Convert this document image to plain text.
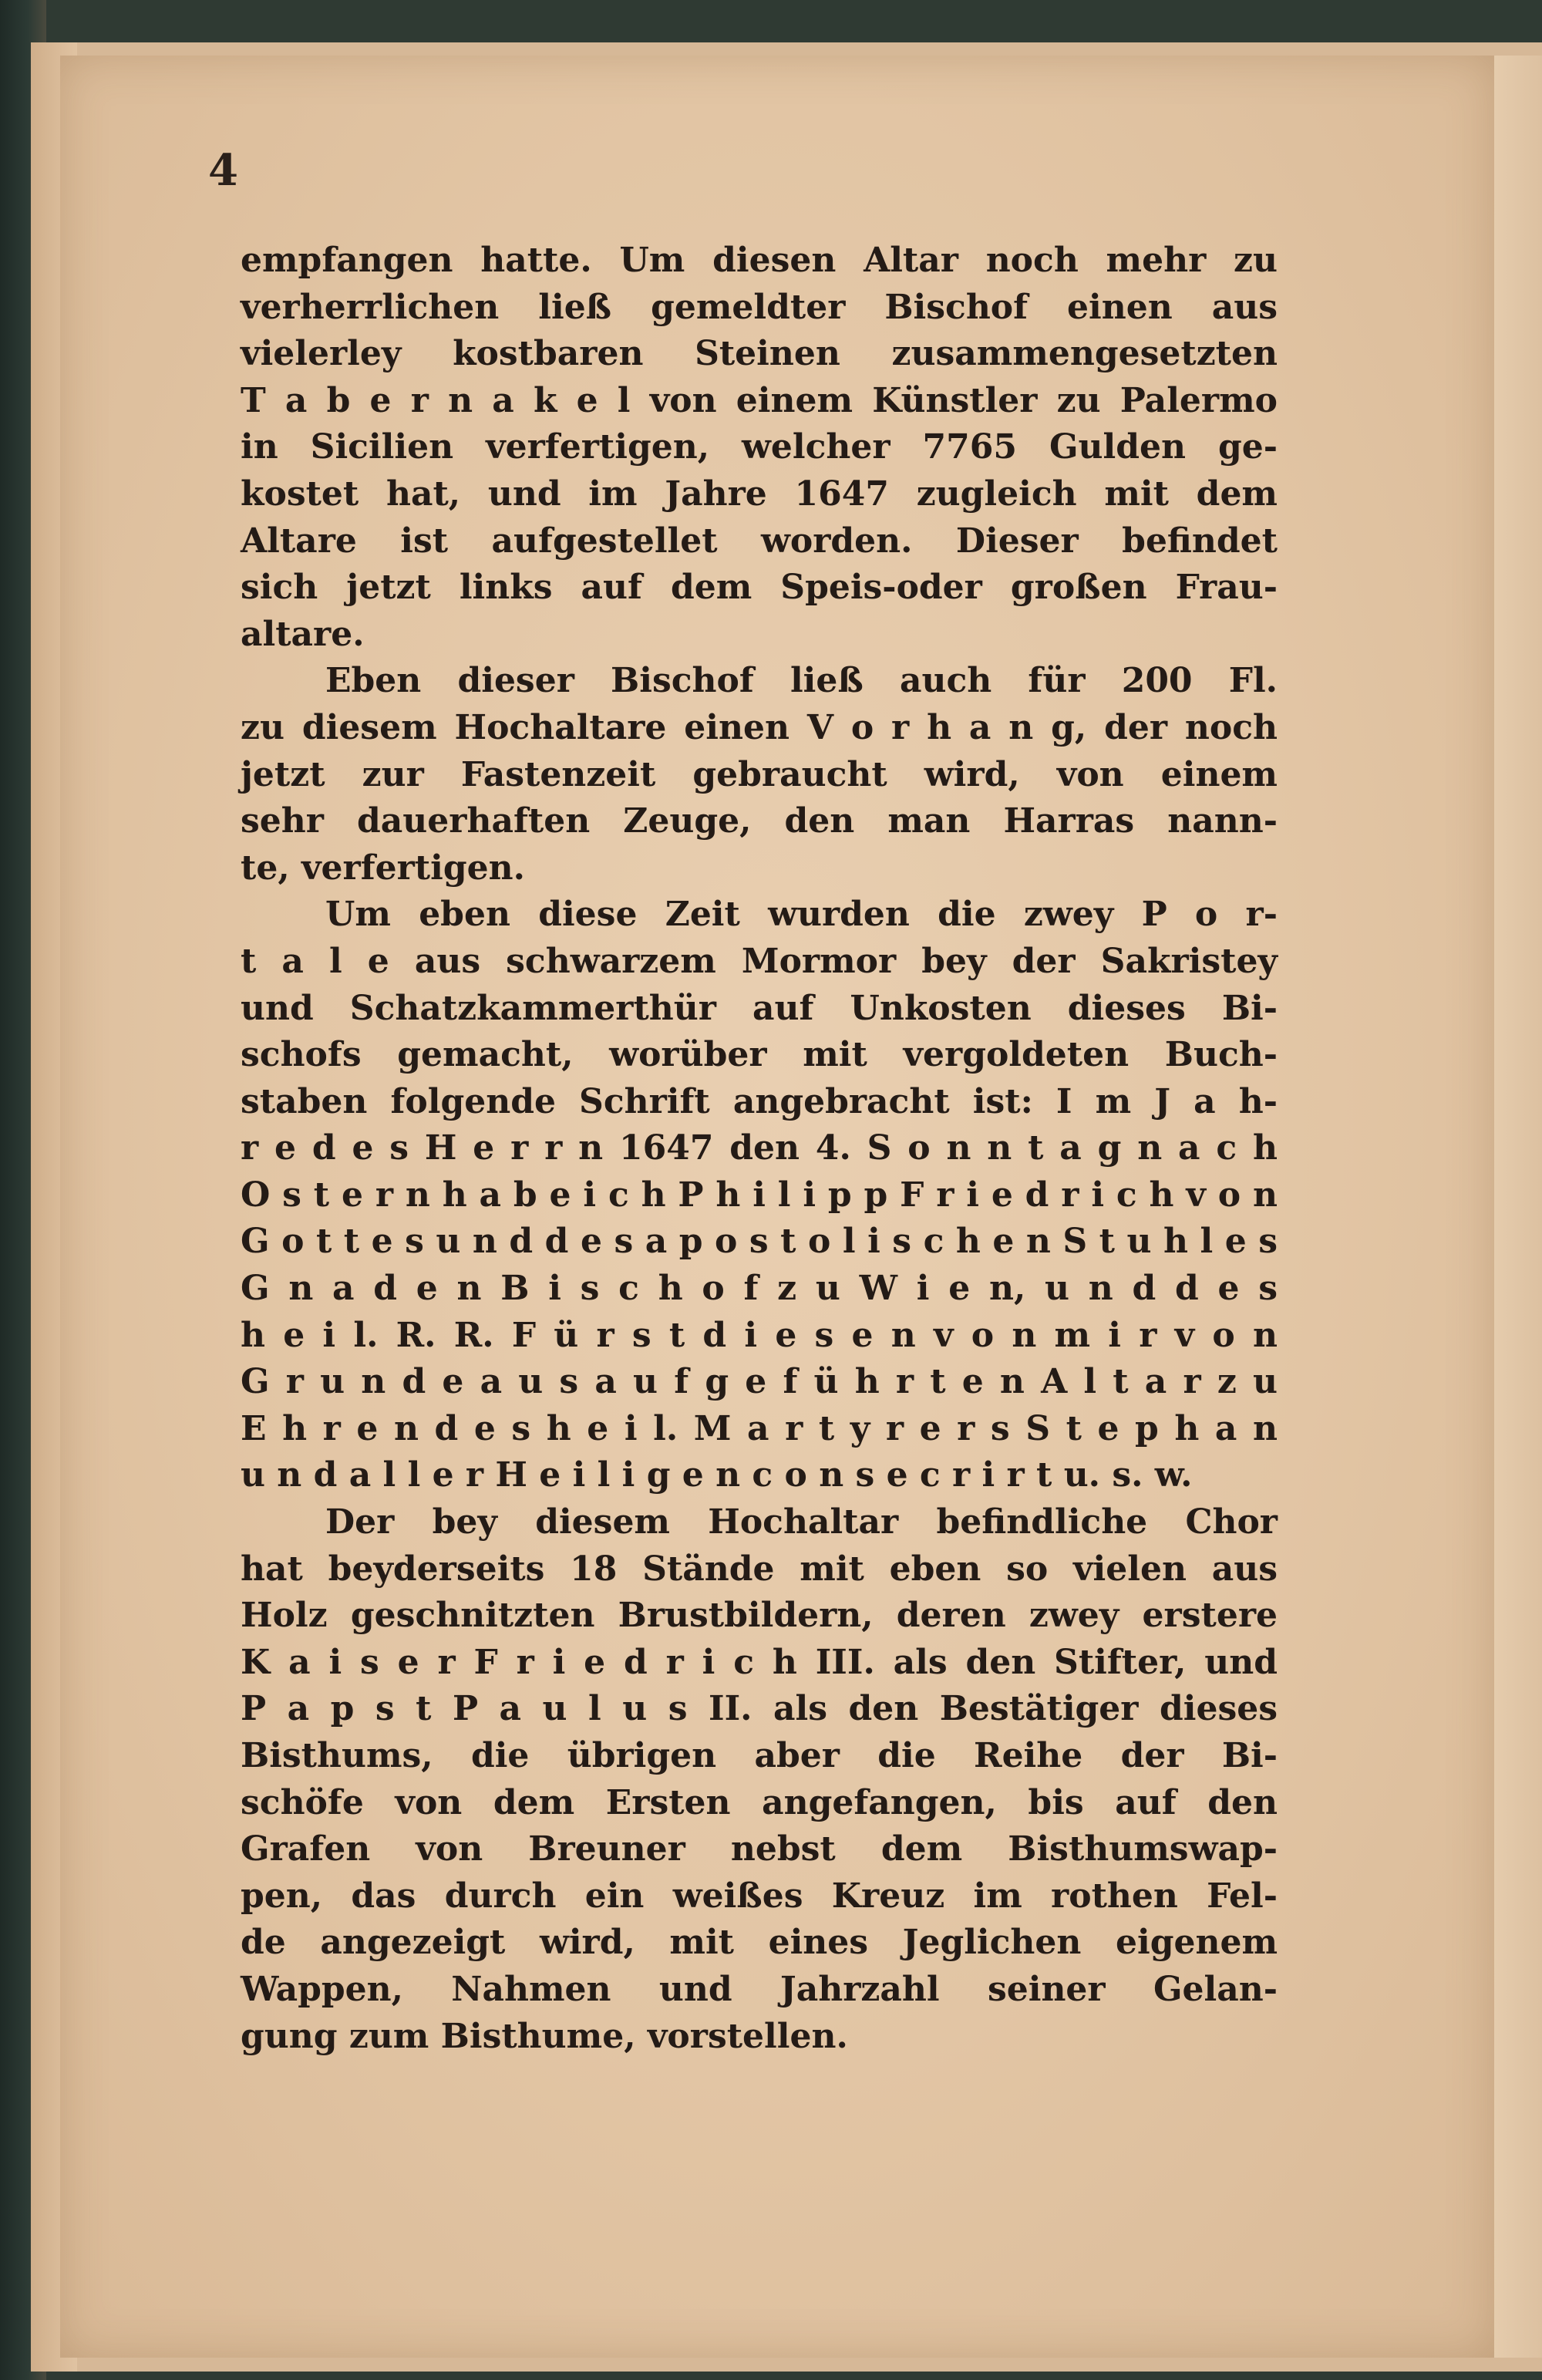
4
empfangen hatte. Um diesen Altar noch mehr zu
verherrlichen ließ gemeldter Bischof einen aus
vielerley kostbaren Steinen zusammengesetzten
T a b e r n a k e l von einem Künstler zu Palermo
in Sicilien verfertigen, welcher 7765 Gulden ge-
kostet hat, und im Jahre 1647 zugleich mit dem
Altare ist aufgestellet worden. Dieser befindet
sich jetzt links auf dem Speis-oder großen Frau-
altare.
Eben dieser Bischof ließ auch für 200 Fl.
zu diesem Hochaltare einen V o r h a n g, der noch
jetzt zur Fastenzeit gebraucht wird, von einem
sehr dauerhaften Zeuge, den man Harras nann-
te, verfertigen.
Um eben diese Zeit wurden die zwey P o r-
t a l e aus schwarzem Mormor bey der Sakristey
und Schatzkammerthür auf Unkosten dieses Bi-
schofs gemacht, worüber mit vergoldeten Buch-
staben folgende Schrift angebracht ist: I m J a h-
r e d e s H e r r n 1647 den 4. S o n n t a g n a c h
O s t e r n h a b e i c h P h i l i p p F r i e d r i c h v o n
G o t t e s u n d d e s a p o s t o l i s c h e n S t u h l e s
G n a d e n B i s c h o f z u W i e n, u n d d e s
h e i l. R. R. F ü r s t d i e s e n v o n m i r v o n
G r u n d e a u s a u f g e f ü h r t e n A l t a r z u
E h r e n d e s h e i l. M a r t y r e r s S t e p h a n
u n d a l l e r H e i l i g e n c o n s e c r i r t u. s. w.
Der bey diesem Hochaltar befindliche Chor
hat beyderseits 18 Stände mit eben so vielen aus
Holz geschnitzten Brustbildern, deren zwey erstere
K a i s e r F r i e d r i c h III. als den Stifter, und
P a p s t P a u l u s II. als den Bestätiger dieses
Bisthums, die übrigen aber die Reihe der Bi-
schöfe von dem Ersten angefangen, bis auf den
Grafen von Breuner nebst dem Bisthumswap-
pen, das durch ein weißes Kreuz im rothen Fel-
de angezeigt wird, mit eines Jeglichen eigenem
Wappen, Nahmen und Jahrzahl seiner Gelan-
gung zum Bisthume, vorstellen.
